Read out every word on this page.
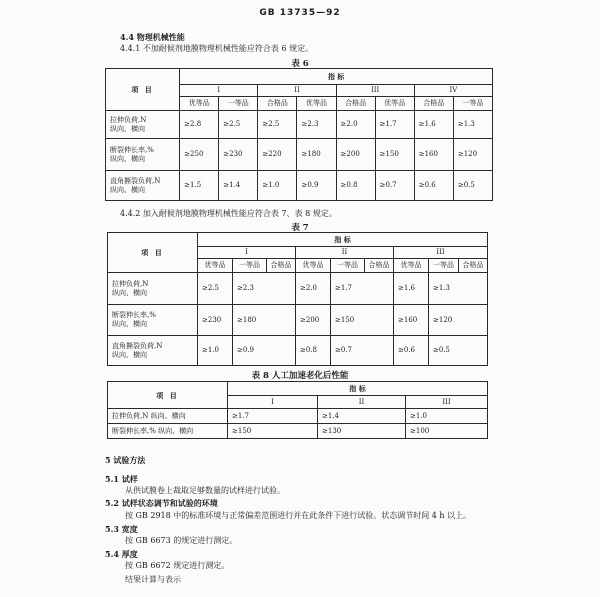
GB 13735—92
4.4 物理机械性能
4.4.1 不加耐候剂地膜物理机械性能应符合表 6 规定。
表 6
项 目	指 标							
	I		II		III		IV	
	优等品	一等品	合格品	优等品	合格品	优等品	合格品	一等品
拉伸负荷,N
纵向、横向	≥2.8	≥2.5	≥2.5	≥2.3	≥2.0	≥1.7	≥1.6	≥1.3
断裂伸长率,%
纵向、横向	≥250	≥230	≥220	≥180	≥200	≥150	≥160	≥120
直角撕裂负荷,N
纵向、横向	≥1.5	≥1.4	≥1.0	≥0.9	≥0.8	≥0.7	≥0.6	≥0.5
4.4.2 加入耐候剂地膜物理机械性能应符合表 7、表 8 规定。
表 7
项 目	指 标								
	I			II			III		
	优等品	一等品	合格品	优等品	一等品	合格品	优等品	一等品	合格品
拉伸负荷,N
纵向、横向	≥2.5	≥2.3		≥2.0	≥1.7		≥1.6	≥1.3	
断裂伸长率,%
纵向、横向	≥230	≥180		≥200	≥150		≥160	≥120	
直角撕裂负荷,N
纵向、横向	≥1.0	≥0.9		≥0.8	≥0.7		≥0.6	≥0.5	
表 8 人工加速老化后性能
项 目	指 标		
	I	II	III
拉伸负荷,N 纵向、横向	≥1.7	≥1.4	≥1.0
断裂伸长率,% 纵向、横向	≥150	≥130	≥100
5 试验方法
5.1 试样
从供试膜卷上裁取足够数量的试样进行试验。
5.2 试样状态调节和试验的环境
按 GB 2918 中的标准环境与正常偏差范围进行并在此条件下进行试验。状态调节时间 4 h 以上。
5.3 宽度
按 GB 6673 的规定进行测定。
5.4 厚度
按 GB 6672 规定进行测定。
结果计算与表示
